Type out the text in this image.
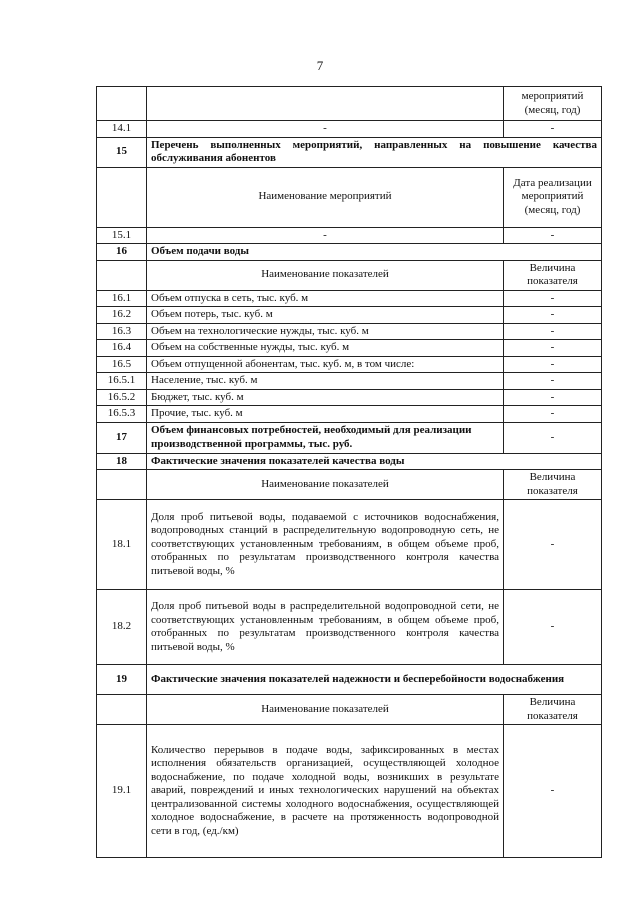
7
		мероприятий (месяц, год)
14.1	-	-
15	Перечень выполненных мероприятий, направленных на повышение качества обслуживания абонентов	
	Наименование мероприятий	Дата реализации мероприятий (месяц, год)
15.1	-	-
16	Объем подачи воды	
	Наименование показателей	Величина показателя
16.1	Объем отпуска в сеть, тыс. куб. м	-
16.2	Объем потерь, тыс. куб. м	-
16.3	Объем на технологические нужды, тыс. куб. м	-
16.4	Объем на собственные нужды, тыс. куб. м	-
16.5	Объем отпущенной абонентам, тыс. куб. м, в том числе:	-
16.5.1	Население, тыс. куб. м	-
16.5.2	Бюджет, тыс. куб. м	-
16.5.3	Прочие, тыс. куб. м	-
17	Объем финансовых потребностей, необходимый для реализации производственной программы, тыс. руб.	-
18	Фактические значения показателей качества воды	
	Наименование показателей	Величина показателя
18.1	Доля проб питьевой воды, подаваемой с источников водоснабжения, водопроводных станций в распределительную водопроводную сеть, не соответствующих установленным требованиям, в общем объеме проб, отобранных по результатам производственного контроля качества питьевой воды, %	-
18.2	Доля проб питьевой воды в распределительной водопроводной сети, не соответствующих установленным требованиям, в общем объеме проб, отобранных по результатам производственного контроля качества питьевой воды, %	-
19	Фактические значения показателей надежности и бесперебойности водоснабжения	
	Наименование показателей	Величина показателя
19.1	Количество перерывов в подаче воды, зафиксированных в местах исполнения обязательств организацией, осуществляющей холодное водоснабжение, по подаче холодной воды, возникших в результате аварий, повреждений и иных технологических нарушений на объектах централизованной системы холодного водоснабжения, осуществляющей холодное водоснабжение, в расчете на протяженность водопроводной сети в год, (ед./км)	-
